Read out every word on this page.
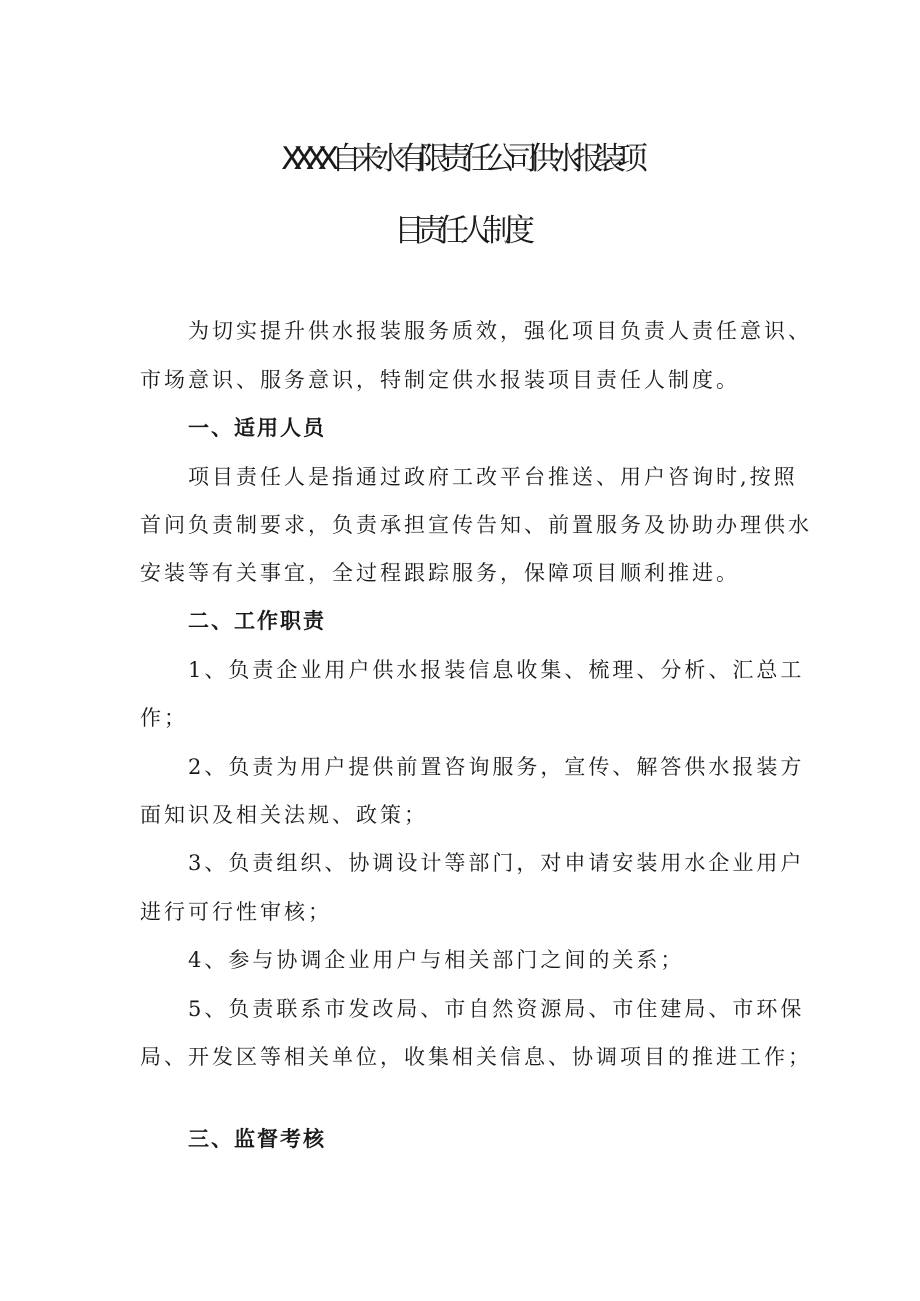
XXXX 自来水有限责任公司供水报装项
目责任人制度
为切实提升供水报装服务质效，强化项目负责人责任意识、
市场意识、服务意识，特制定供水报装项目责任人制度。
一、适用人员
项目责任人是指通过政府工改平台推送、用户咨询时,按照
首问负责制要求，负责承担宣传告知、前置服务及协助办理供水
安装等有关事宜，全过程跟踪服务，保障项目顺利推进。
二、工作职责
1、负责企业用户供水报装信息收集、梳理、分析、汇总工
作；
2、负责为用户提供前置咨询服务，宣传、解答供水报装方
面知识及相关法规、政策；
3、负责组织、协调设计等部门，对申请安装用水企业用户
进行可行性审核；
4、参与协调企业用户与相关部门之间的关系；
5、负责联系市发改局、市自然资源局、市住建局、市环保
局、开发区等相关单位，收集相关信息、协调项目的推进工作；
三、监督考核
